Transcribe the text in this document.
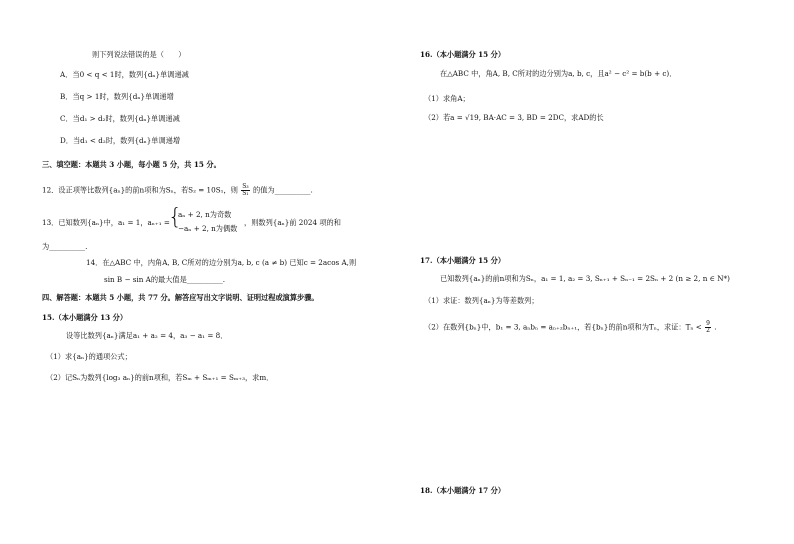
则下列说法错误的是（　　）
A．当0 < q < 1时，数列{dₙ}单调递减
B．当q > 1时，数列{dₙ}单调递增
C．当d₁ > d₂时，数列{dₙ}单调递减
D．当d₁ < d₂时，数列{dₙ}单调递增
三、填空题：本题共 3 小题，每小题 5 分，共 15 分。
12．设正项等比数列{aₙ}的前n项和为Sₙ，若S₂ = 10S₁，则 $\frac{\text{S₃}}{\text{S₁}}$ 的值为__________.
13．已知数列{aₙ}中，a₁ = 1，aₙ₊₁ =
{
aₙ + 2, n为奇数
−aₙ + 2, n为偶数
，则数列{aₙ}前 2024 项的和
为__________.
14．在△ABC 中，内角A, B, C所对的边分别为a, b, c (a ≠ b) 已知c = 2acos A,则
sin B − sin A的最大值是__________.
四、解答题：本题共 5 小题，共 77 分。解答应写出文字说明、证明过程或演算步骤。
15.（本小题满分 13 分）
设等比数列{aₙ}满足a₁ + a₂ = 4，a₃ − a₁ = 8．
（1）求{aₙ}的通项公式；
（2）记Sₙ为数列{log₃ aₙ}的前n项和，若Sₘ + Sₘ₊₁ = Sₘ₊₃，求m．
16.（本小题满分 15 分）
在△ABC 中，角A, B, C所对的边分别为a, b, c，且a² − c² = b(b + c)．
（1）求角A；
（2）若a = √19, BA·AC = 3, BD = 2DC，求AD的长
17.（本小题满分 15 分）
已知数列{aₙ}的前n项和为Sₙ，a₁ = 1, a₂ = 3, Sₙ₊₁ + Sₙ₋₁ = 2Sₙ + 2 (n ≥ 2, n ∈ N*)
（1）求证：数列{aₙ}为等差数列；
（2）在数列{bₙ}中，b₁ = 3, aₙbₙ = aₙ₊₂bₙ₊₁，若{bₙ}的前n项和为Tₙ，求证：$T_n < \frac{9}{2}$ .
18.（本小题满分 17 分）
